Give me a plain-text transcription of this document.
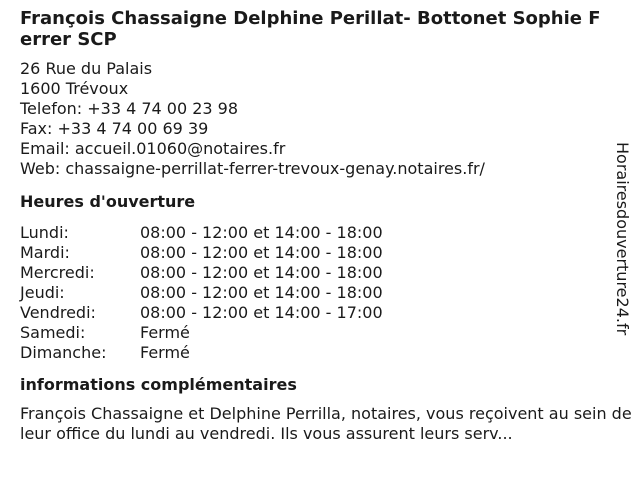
François Chassaigne Delphine Perillat- Bottonet Sophie Ferrer SCP
26 Rue du Palais
1600 Trévoux
Telefon: +33 4 74 00 23 98
Fax: +33 4 74 00 69 39
Email: accueil.01060@notaires.fr
Web: chassaigne-perrillat-ferrer-trevoux-genay.notaires.fr/
Heures d'ouverture
Lundi:	08:00 - 12:00 et 14:00 - 18:00
Mardi:	08:00 - 12:00 et 14:00 - 18:00
Mercredi:	08:00 - 12:00 et 14:00 - 18:00
Jeudi:	08:00 - 12:00 et 14:00 - 18:00
Vendredi:	08:00 - 12:00 et 14:00 - 17:00
Samedi:	Fermé
Dimanche:	Fermé
informations complémentaires
François Chassaigne et Delphine Perrilla, notaires, vous reçoivent au sein de leur office du lundi au vendredi. Ils vous assurent leurs serv...
Horairesdouverture24.fr
